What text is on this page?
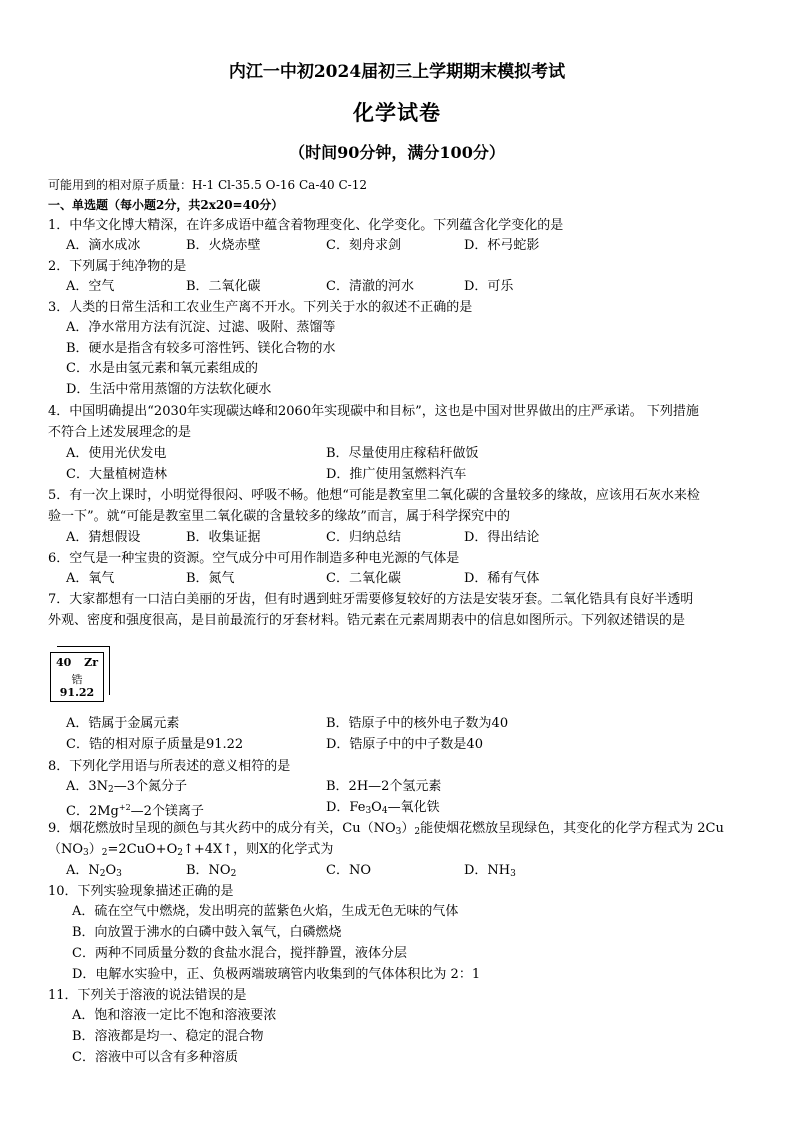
内江一中初2024届初三上学期期末模拟考试
化学试卷
（时间90分钟，满分100分）
可能用到的相对原子质量：H-1 Cl-35.5 O-16 Ca-40 C-12
一、单选题（每小题2分，共2x20=40分）
1．中华文化博大精深，在许多成语中蕴含着物理变化、化学变化。下列蕴含化学变化的是
A．滴水成冰	B．火烧赤壁	C．刻舟求剑	D．杯弓蛇影
2．下列属于纯净物的是
A．空气	B．二氧化碳	C．清澈的河水	D．可乐
3．人类的日常生活和工农业生产离不开水。下列关于水的叙述不正确的是
A．净水常用方法有沉淀、过滤、吸附、蒸馏等
B．硬水是指含有较多可溶性钙、镁化合物的水
C．水是由氢元素和氧元素组成的
D．生活中常用蒸馏的方法软化硬水
4．中国明确提出“2030年实现碳达峰和2060年实现碳中和目标”，这也是中国对世界做出的庄严承诺。 下列措施
不符合上述发展理念的是
A．使用光伏发电	B．尽量使用庄稼秸秆做饭
C．大量植树造林	D．推广使用氢燃料汽车
5．有一次上课时，小明觉得很闷、呼吸不畅。他想“可能是教室里二氧化碳的含量较多的缘故，应该用石灰水来检
验一下”。就“可能是教室里二氧化碳的含量较多的缘故”而言，属于科学探究中的
A．猜想假设	B．收集证据	C．归纳总结	D．得出结论
6．空气是一种宝贵的资源。空气成分中可用作制造多种电光源的气体是
A．氧气	B．氮气	C．二氧化碳	D．稀有气体
7．大家都想有一口洁白美丽的牙齿，但有时遇到蛀牙需要修复较好的方法是安装牙套。二氧化锆具有良好半透明
外观、密度和强度很高，是目前最流行的牙套材料。锆元素在元素周期表中的信息如图所示。下列叙述错误的是
40 Zr
锆
91.22
A．锆属于金属元素	B．锆原子中的核外电子数为40
C．锆的相对原子质量是91.22	D．锆原子中的中子数是40
8．下列化学用语与所表述的意义相符的是
A．$3N_2—3$个氮分子	B．2H—2个氢元素
C．$2Mg^{+2}—2$个镁离子	D．$Fe_3O_4—$氧化铁
9．烟花燃放时呈现的颜色与其火药中的成分有关，$Cu(NO_3)_2$能使烟花燃放呈现绿色，其变化的化学方程式为 2Cu
$(NO_3)_2=2CuO+O_2↑+4X↑$，则X的化学式为
A．$N_2O_3$	B．$NO_2$	C．NO	D．$NH_3$
10．下列实验现象描述正确的是
A．硫在空气中燃烧，发出明亮的蓝紫色火焰，生成无色无味的气体
B．向放置于沸水的白磷中鼓入氧气，白磷燃烧
C．两种不同质量分数的食盐水混合，搅拌静置，液体分层
D．电解水实验中，正、负极两端玻璃管内收集到的气体体积比为 2：1
11．下列关于溶液的说法错误的是
A．饱和溶液一定比不饱和溶液要浓
B．溶液都是均一、稳定的混合物
C．溶液中可以含有多种溶质
